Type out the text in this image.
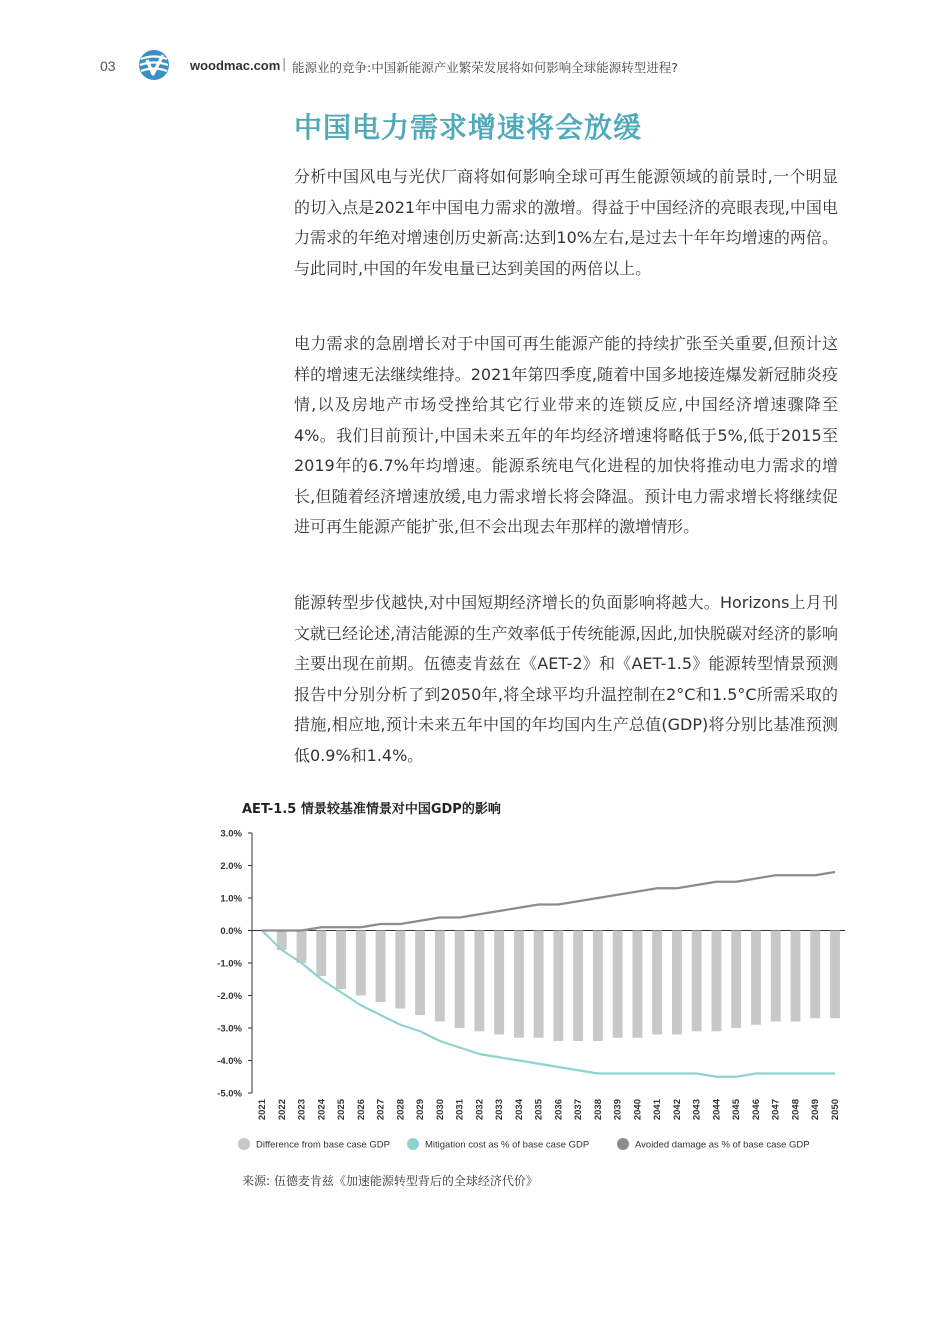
03	woodmac.com | 能源业的竞争:中国新能源产业繁荣发展将如何影响全球能源转型进程?
中国电力需求增速将会放缓

分析中国风电与光伏厂商将如何影响全球可再生能源领域的前景时,一个明显的切入点是2021年中国电力需求的激增。得益于中国经济的亮眼表现,中国电力需求的年绝对增速创历史新高:达到10%左右,是过去十年年均增速的两倍。与此同时,中国的年发电量已达到美国的两倍以上。

电力需求的急剧增长对于中国可再生能源产能的持续扩张至关重要,但预计这样的增速无法继续维持。2021年第四季度,随着中国多地接连爆发新冠肺炎疫情,以及房地产市场受挫给其它行业带来的连锁反应,中国经济增速骤降至4%。我们目前预计,中国未来五年的年均经济增速将略低于5%,低于2015至2019年的6.7%年均增速。能源系统电气化进程的加快将推动电力需求的增长,但随着经济增速放缓,电力需求增长将会降温。预计电力需求增长将继续促进可再生能源产能扩张,但不会出现去年那样的激增情形。

能源转型步伐越快,对中国短期经济增长的负面影响将越大。Horizons上月刊文就已经论述,清洁能源的生产效率低于传统能源,因此,加快脱碳对经济的影响主要出现在前期。伍德麦肯兹在《AET-2》和《AET-1.5》能源转型情景预测报告中分别分析了到2050年,将全球平均升温控制在2°C和1.5°C所需采取的措施,相应地,预计未来五年中国的年均国内生产总值(GDP)将分别比基准预测低0.9%和1.4%。

AET-1.5 情景较基准情景对中国GDP的影响
3.0%
2.0%
1.0%
0.0%
-1.0%
-2.0%
-3.0%
-4.0%
-5.0%
2021 2022 2023 2024 2025 2026 2027 2028 2029 2030 2031 2032 2033 2034 2035 2036 2037 2038 2039 2040 2041 2042 2043 2044 2045 2046 2047 2048 2049 2050
Difference from base case GDP	Mitigation cost as % of base case GDP	Avoided damage as % of base case GDP
来源: 伍德麦肯兹《加速能源转型背后的全球经济代价》
